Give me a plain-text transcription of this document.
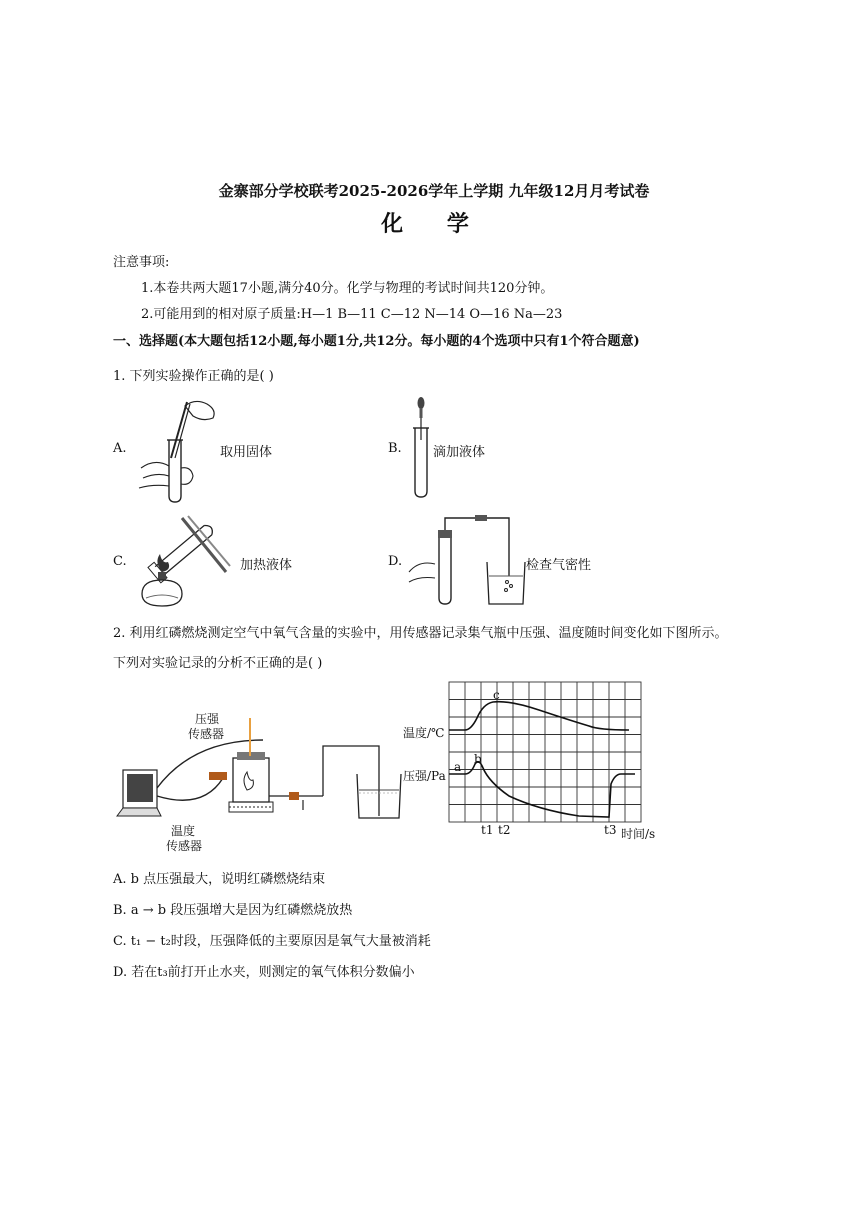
金寨部分学校联考2025-2026学年上学期 九年级12月月考试卷
化 学
注意事项:
1.本卷共两大题17小题,满分40分。化学与物理的考试时间共120分钟。
2.可能用到的相对原子质量:H—1 B—11 C—12 N—14 O—16 Na—23
一、选择题(本大题包括12小题,每小题1分,共12分。每小题的4个选项中只有1个符合题意)
1. 下列实验操作正确的是( )
A.	取用固体	B. 滴加液体
C.	加热液体	D.	检查气密性
2. 利用红磷燃烧测定空气中氧气含量的实验中，用传感器记录集气瓶中压强、温度随时间变化如下图所示。
下列对实验记录的分析不正确的是( )
压强
传感器
温度
传感器
c
温度/℃
a
b
压强/Pa
t1 t2	t3 时间/s
A. b 点压强最大，说明红磷燃烧结束
B. a → b 段压强增大是因为红磷燃烧放热
C. t₁ − t₂时段，压强降低的主要原因是氧气大量被消耗
D. 若在t₃前打开止水夹，则测定的氧气体积分数偏小
